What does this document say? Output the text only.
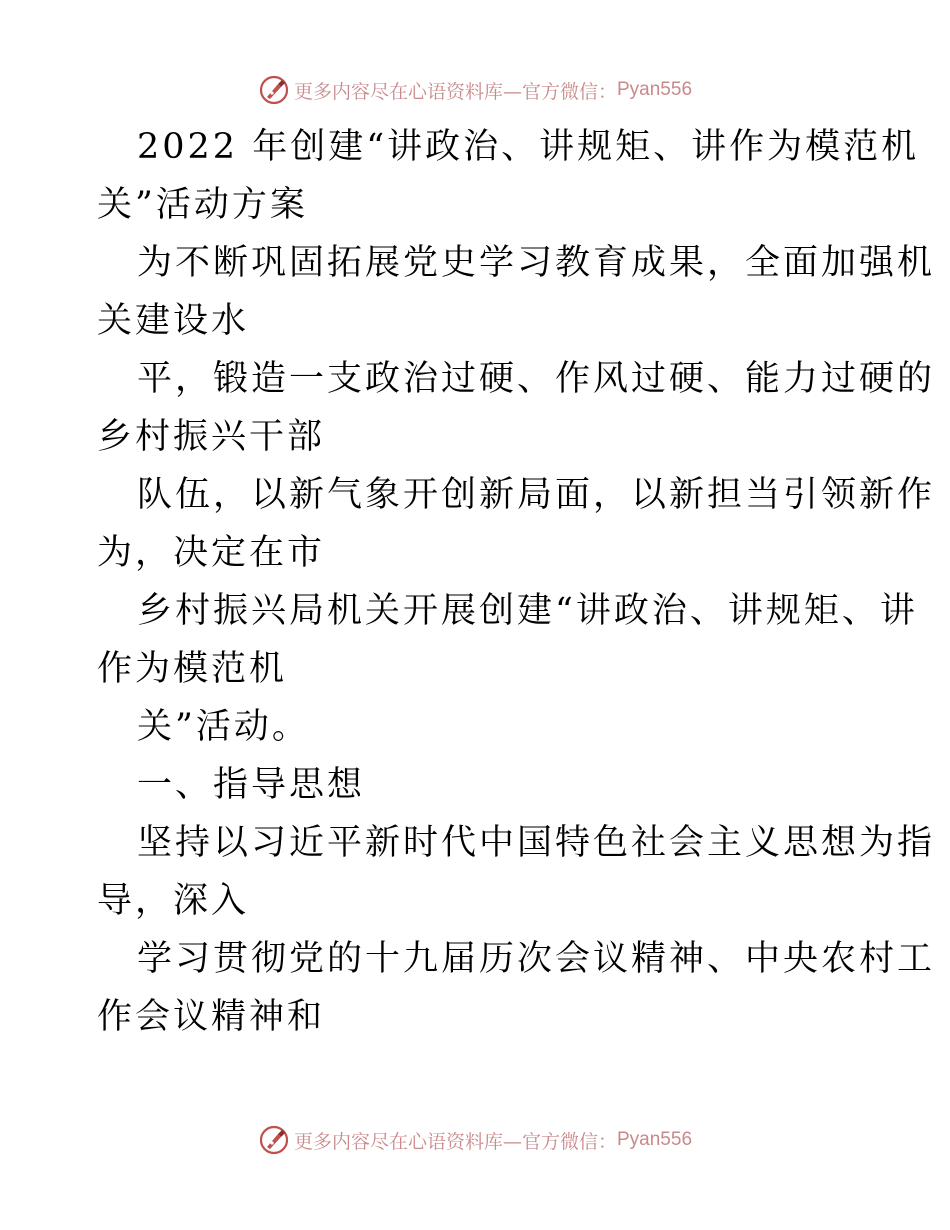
更多内容尽在心语资料库—官方微信： Pyan556
2022 年创建“讲政治、讲规矩、讲作为模范机
关”活动方案
为不断巩固拓展党史学习教育成果，全面加强机
关建设水
平，锻造一支政治过硬、作风过硬、能力过硬的
乡村振兴干部
队伍，以新气象开创新局面，以新担当引领新作
为，决定在市
乡村振兴局机关开展创建“讲政治、讲规矩、讲
作为模范机
关”活动。
一、指导思想
坚持以习近平新时代中国特色社会主义思想为指
导，深入
学习贯彻党的十九届历次会议精神、中央农村工
作会议精神和
更多内容尽在心语资料库—官方微信： Pyan556
